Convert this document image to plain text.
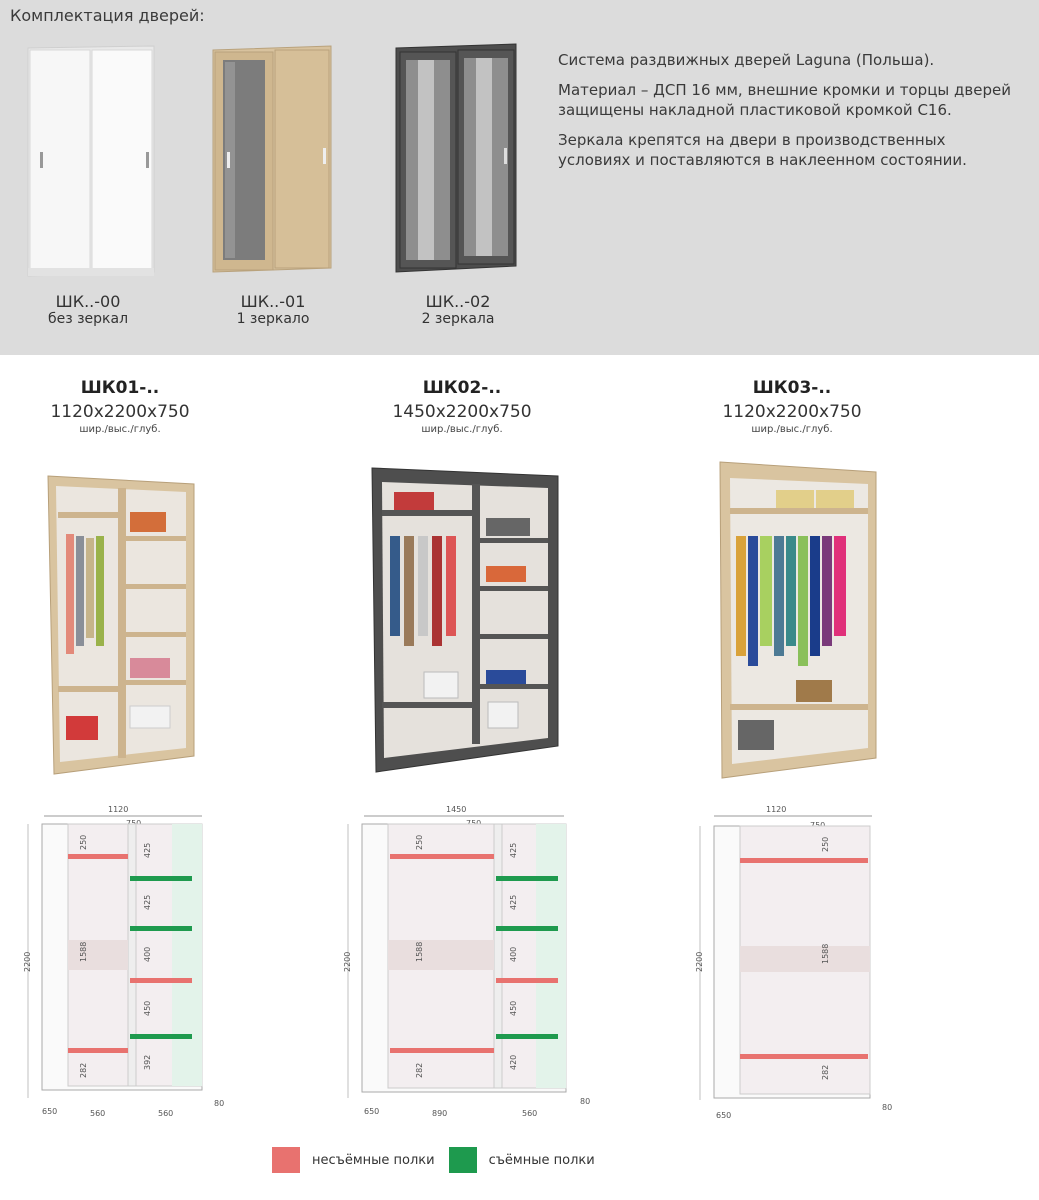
Комплектация дверей:
ШК..-00
без зеркал
ШК..-01
1 зеркало
ШК..-02
2 зеркала

Система раздвижных дверей Laguna (Польша).

Материал – ДСП 16 мм, внешние кромки и торцы дверей защищены накладной пластиковой кромкой С16.

Зеркала крепятся на двери в производственных условиях и поставляются в наклеенном состоянии.

ШК01-..
1120x2200x750
шир./выс./глуб.
ШК02-..
1450x2200x750
шир./выс./глуб.
ШК03-..
1120x2200x750
шир./выс./глуб.
1120
2200
250
1588
282
425
425
400
450
392
650	560	560
80
1450
2200
250
1588
282
425
425
400
450
420
650	890	560
80
1120
2200
250
1588
282
650
80
несъёмные полки	съёмные полки
